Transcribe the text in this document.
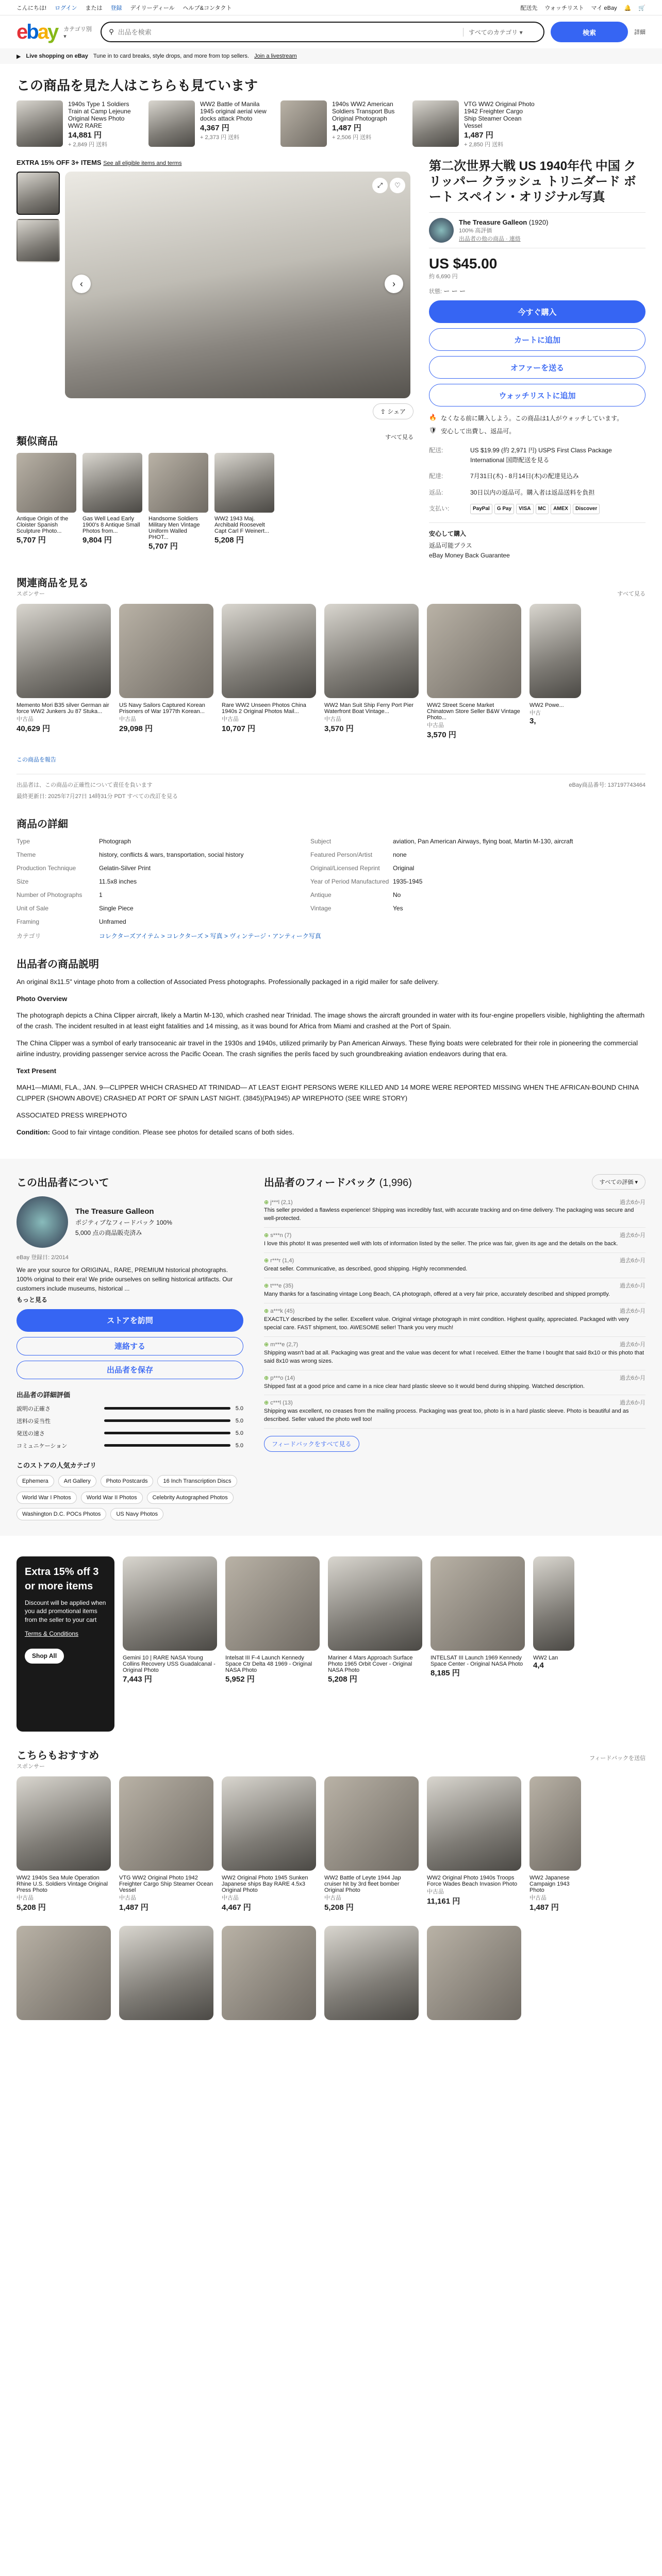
こんにちは! ログイン または 登録 デイリーディール ヘルプ&コンタクト	配送先 ウォッチリスト マイ eBay 🔔 🛒
ebay カテゴリ別 ▾
⚲
出品を検索	すべてのカテゴリ ▾	検索	詳細
▶ Live shopping on eBay Tune in to card breaks, style drops, and more from top sellers. Join a livestream
この商品を見た人はこちらも見ています
1940s Type 1 Soldiers Train at Camp Lejeune Original News Photo WW2 RARE
14,881 円
+ 2,849 円 送料
WW2 Battle of Manila 1945 original aerial view docks attack Photo
4,367 円
+ 2,373 円 送料
1940s WW2 American Soldiers Transport Bus Original Photograph
1,487 円
+ 2,506 円 送料
VTG WW2 Original Photo 1942 Freighter Cargo Ship Steamer Ocean Vessel
1,487 円
+ 2,850 円 送料
EXTRA 15% OFF 3+ ITEMS See all eligible items and terms
‹	›
⤢	♡
⇪ シェア
類似商品	すべて見る
Antique Origin of the Cloister Spanish Sculpture Photo...
5,707 円
Gas Well Lead Early 1900's 8 Antique Small Photos from...
9,804 円
Handsome Soldiers Military Men Vintage Uniform Walled PHOT...
5,707 円
WW2 1943 Maj. Archibald Roosevelt Capt Carl F Weinert...
5,208 円
第二次世界大戦 US 1940年代 中国 クリッパー クラッシュ トリニダード ボート スペイン・オリジナル写真
The Treasure Galleon (1920)
100% 高評価
出品者の他の商品 · 連絡
US $45.00
約 6,690 円
状態: ー ー ー
今すぐ購入
カートに追加
オファーを送る
ウォッチリストに追加
🔥 なくなる前に購入しよう。この商品は1人がウォッチしています。
🛡 安心して出費し、返品可。
配送:	US $19.99 (約 2,971 円) USPS First Class Package International 国際配送を見る
配達:	7月31日(木) - 8月14日(木)の配達見込み
返品:	30日以内の返品可。購入者は返品送料を負担
支払い:	PayPal	G Pay	VISA	MC	AMEX	Discover
安心して購入
返品可能プラス
eBay Money Back Guarantee
関連商品を見る
スポンサー	すべて見る
Memento Mori B35 silver German air force WW2 Junkers Ju 87 Stuka...
中古品
40,629 円
US Navy Sailors Captured Korean Prisoners of War 1977th Korean...
中古品
29,098 円
Rare WW2 Unseen Photos China 1940s 2 Original Photos Mail...
中古品
10,707 円
WW2 Man Suit Ship Ferry Port Pier Waterfront Boat Vintage...
中古品
3,570 円
WW2 Street Scene Market Chinatown Store Seller B&W Vintage Photo...
中古品
3,570 円
WW2 Powe...
中古
3,
この商品を報告
出品者は、この商品の正確性について責任を負います	eBay商品番号: 137197743464
最終更新日: 2025年7月27日 14時31分 PDT すべての改訂を見る
商品の詳細
Type	Photograph	Subject	aviation, Pan American Airways, flying boat, Martin M-130, aircraft
Theme	history, conflicts & wars, transportation, social history	Featured Person/Artist	none
Production Technique	Gelatin-Silver Print	Original/Licensed Reprint	Original
Size	11.5x8 inches	Year of Period Manufactured 1935-1945
Number of Photographs	1	Antique	No
Unit of Sale	Single Piece	Vintage	Yes
Framing	Unframed
カテゴリ	コレクターズアイテム > コレクターズ > 写真 > ヴィンテージ・アンティーク写真
出品者の商品説明

An original 8x11.5" vintage photo from a collection of Associated Press photographs. Professionally packaged in a rigid mailer for safe delivery.

Photo Overview

The photograph depicts a China Clipper aircraft, likely a Martin M-130, which crashed near Trinidad. The image shows the aircraft grounded in water with its four-engine propellers visible, highlighting the aftermath of the crash. The incident resulted in at least eight fatalities and 14 missing, as it was bound for Africa from Miami and crashed at the Port of Spain.

The China Clipper was a symbol of early transoceanic air travel in the 1930s and 1940s, utilized primarily by Pan American Airways. These flying boats were celebrated for their role in pioneering the commercial airline industry, providing passenger service across the Pacific Ocean. The crash signifies the perils faced by such groundbreaking aviation endeavors during that era.

Text Present

MAH1—MIAMI, FLA., JAN. 9—CLIPPER WHICH CRASHED AT TRINIDAD— AT LEAST EIGHT PERSONS WERE KILLED AND 14 MORE WERE REPORTED MISSING WHEN THE AFRICAN-BOUND CHINA CLIPPER (SHOWN ABOVE) CRASHED AT PORT OF SPAIN LAST NIGHT. (3845)(PA1945) AP WIREPHOTO (SEE WIRE STORY)

ASSOCIATED PRESS WIREPHOTO

Condition: Good to fair vintage condition. Please see photos for detailed scans of both sides.

この出品者について
The Treasure Galleon
ポジティブなフィードバック 100%
5,000 点の商品販売済み
eBay 登録日: 2/2014
We are your source for ORIGINAL, RARE, PREMIUM historical photographs. 100% original to their era! We pride ourselves on selling historical artifacts. Our customers include museums, historical ...
もっと見る
ストアを訪問
連絡する
出品者を保存
出品者の詳細評価
説明の正確さ	5.0
送料の妥当性	5.0
発送の速さ	5.0
コミュニケーション	5.0
このストアの人気カテゴリ
Ephemera	Art Gallery	Photo Postcards	16 Inch Transcription Discs
World War I Photos	World War II Photos	Celebrity Autographed Photos
Washington D.C. POCs Photos	US Navy Photos
出品者のフィードバック (1,996)	すべての評価 ▾
⊕ j***l (2,1)	過去6か月
This seller provided a flawless experience! Shipping was incredibly fast, with accurate tracking and on-time delivery. The packaging was secure and well-protected.
⊕ s***n (7)	過去6か月
I love this photo! It was presented well with lots of information listed by the seller. The price was fair, given its age and the details on the back.
⊕ r***r (1,4)	過去6か月
Great seller. Communicative, as described, good shipping. Highly recommended.
⊕ t***e (35)	過去6か月
Many thanks for a fascinating vintage Long Beach, CA photograph, offered at a very fair price, accurately described and shipped promptly.
⊕ a***k (45)	過去6か月
EXACTLY described by the seller. Excellent value. Original vintage photograph in mint condition. Highest quality, appreciated. Packaged with very special care. FAST shipment, too. AWESOME seller! Thank you very much!
⊕ m***e (2,7)	過去6か月
Shipping wasn't bad at all. Packaging was great and the value was decent for what I received. Either the frame I bought that said 8x10 or this photo that said 8x10 was wrong sizes.
⊕ p***o (14)	過去6か月
Shipped fast at a good price and came in a nice clear hard plastic sleeve so it would bend during shipping. Watched description.
⊕ c***l (13)	過去6か月
Shipping was excellent, no creases from the mailing process. Packaging was great too, photo is in a hard plastic sleeve. Photo is beautiful and as described. Seller valued the photo well too!
フィードバックをすべて見る
Extra 15% off 3 or more items
Discount will be applied when you add promotional items from the seller to your cart
Terms & Conditions
Shop All	Gemini 10 | RARE NASA Young Collins Recovery USS Guadalcanal - Original Photo
7,443 円
Intelsat III F-4 Launch Kennedy Space Ctr Delta 48 1969 - Original NASA Photo
5,952 円
Mariner 4 Mars Approach Surface Photo 1965 Orbit Cover - Original NASA Photo
5,208 円
INTELSAT III Launch 1969 Kennedy Space Center - Original NASA Photo
8,185 円
WW2 Lan
4,4
こちらもおすすめ	フィードバックを送信
スポンサー
WW2 1940s Sea Mule Operation Rhine U.S. Soldiers Vintage Original Press Photo
中古品
5,208 円
VTG WW2 Original Photo 1942 Freighter Cargo Ship Steamer Ocean Vessel
中古品
1,487 円
WW2 Original Photo 1945 Sunken Japanese ships Bay RARE 4.5x3 Original Photo
中古品
4,467 円
WW2 Battle of Leyte 1944 Jap cruiser hit by 3rd fleet bomber Original Photo
中古品
5,208 円
WW2 Original Photo 1940s Troops Force Wades Beach Invasion Photo
中古品
11,161 円
WW2 Japanese Campaign 1943 Photo
中古品
1,487 円
